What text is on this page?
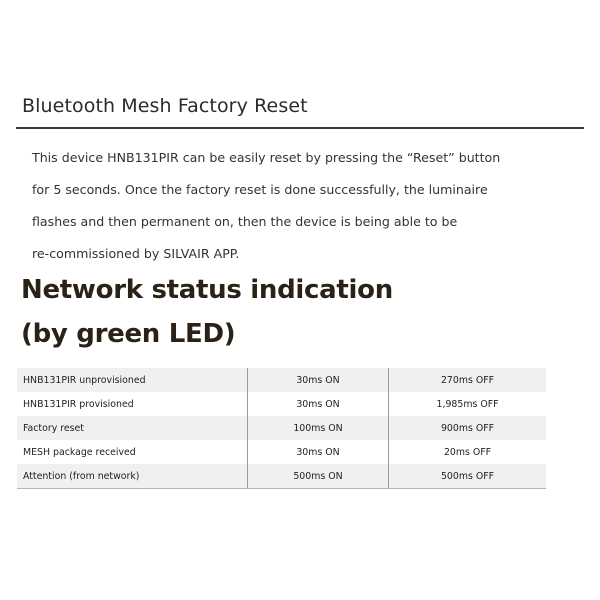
Bluetooth Mesh Factory Reset

This device HNB131PIR can be easily reset by pressing the “Reset” button
for 5 seconds. Once the factory reset is done successfully, the luminaire
flashes and then permanent on, then the device is being able to be
re-commissioned by SILVAIR APP.

Network status indication
(by green LED)
HNB131PIR unprovisioned	30ms ON	270ms OFF
HNB131PIR provisioned	30ms ON	1,985ms OFF
Factory reset	100ms ON	900ms OFF
MESH package received	30ms ON	20ms OFF
Attention (from network)	500ms ON	500ms OFF
